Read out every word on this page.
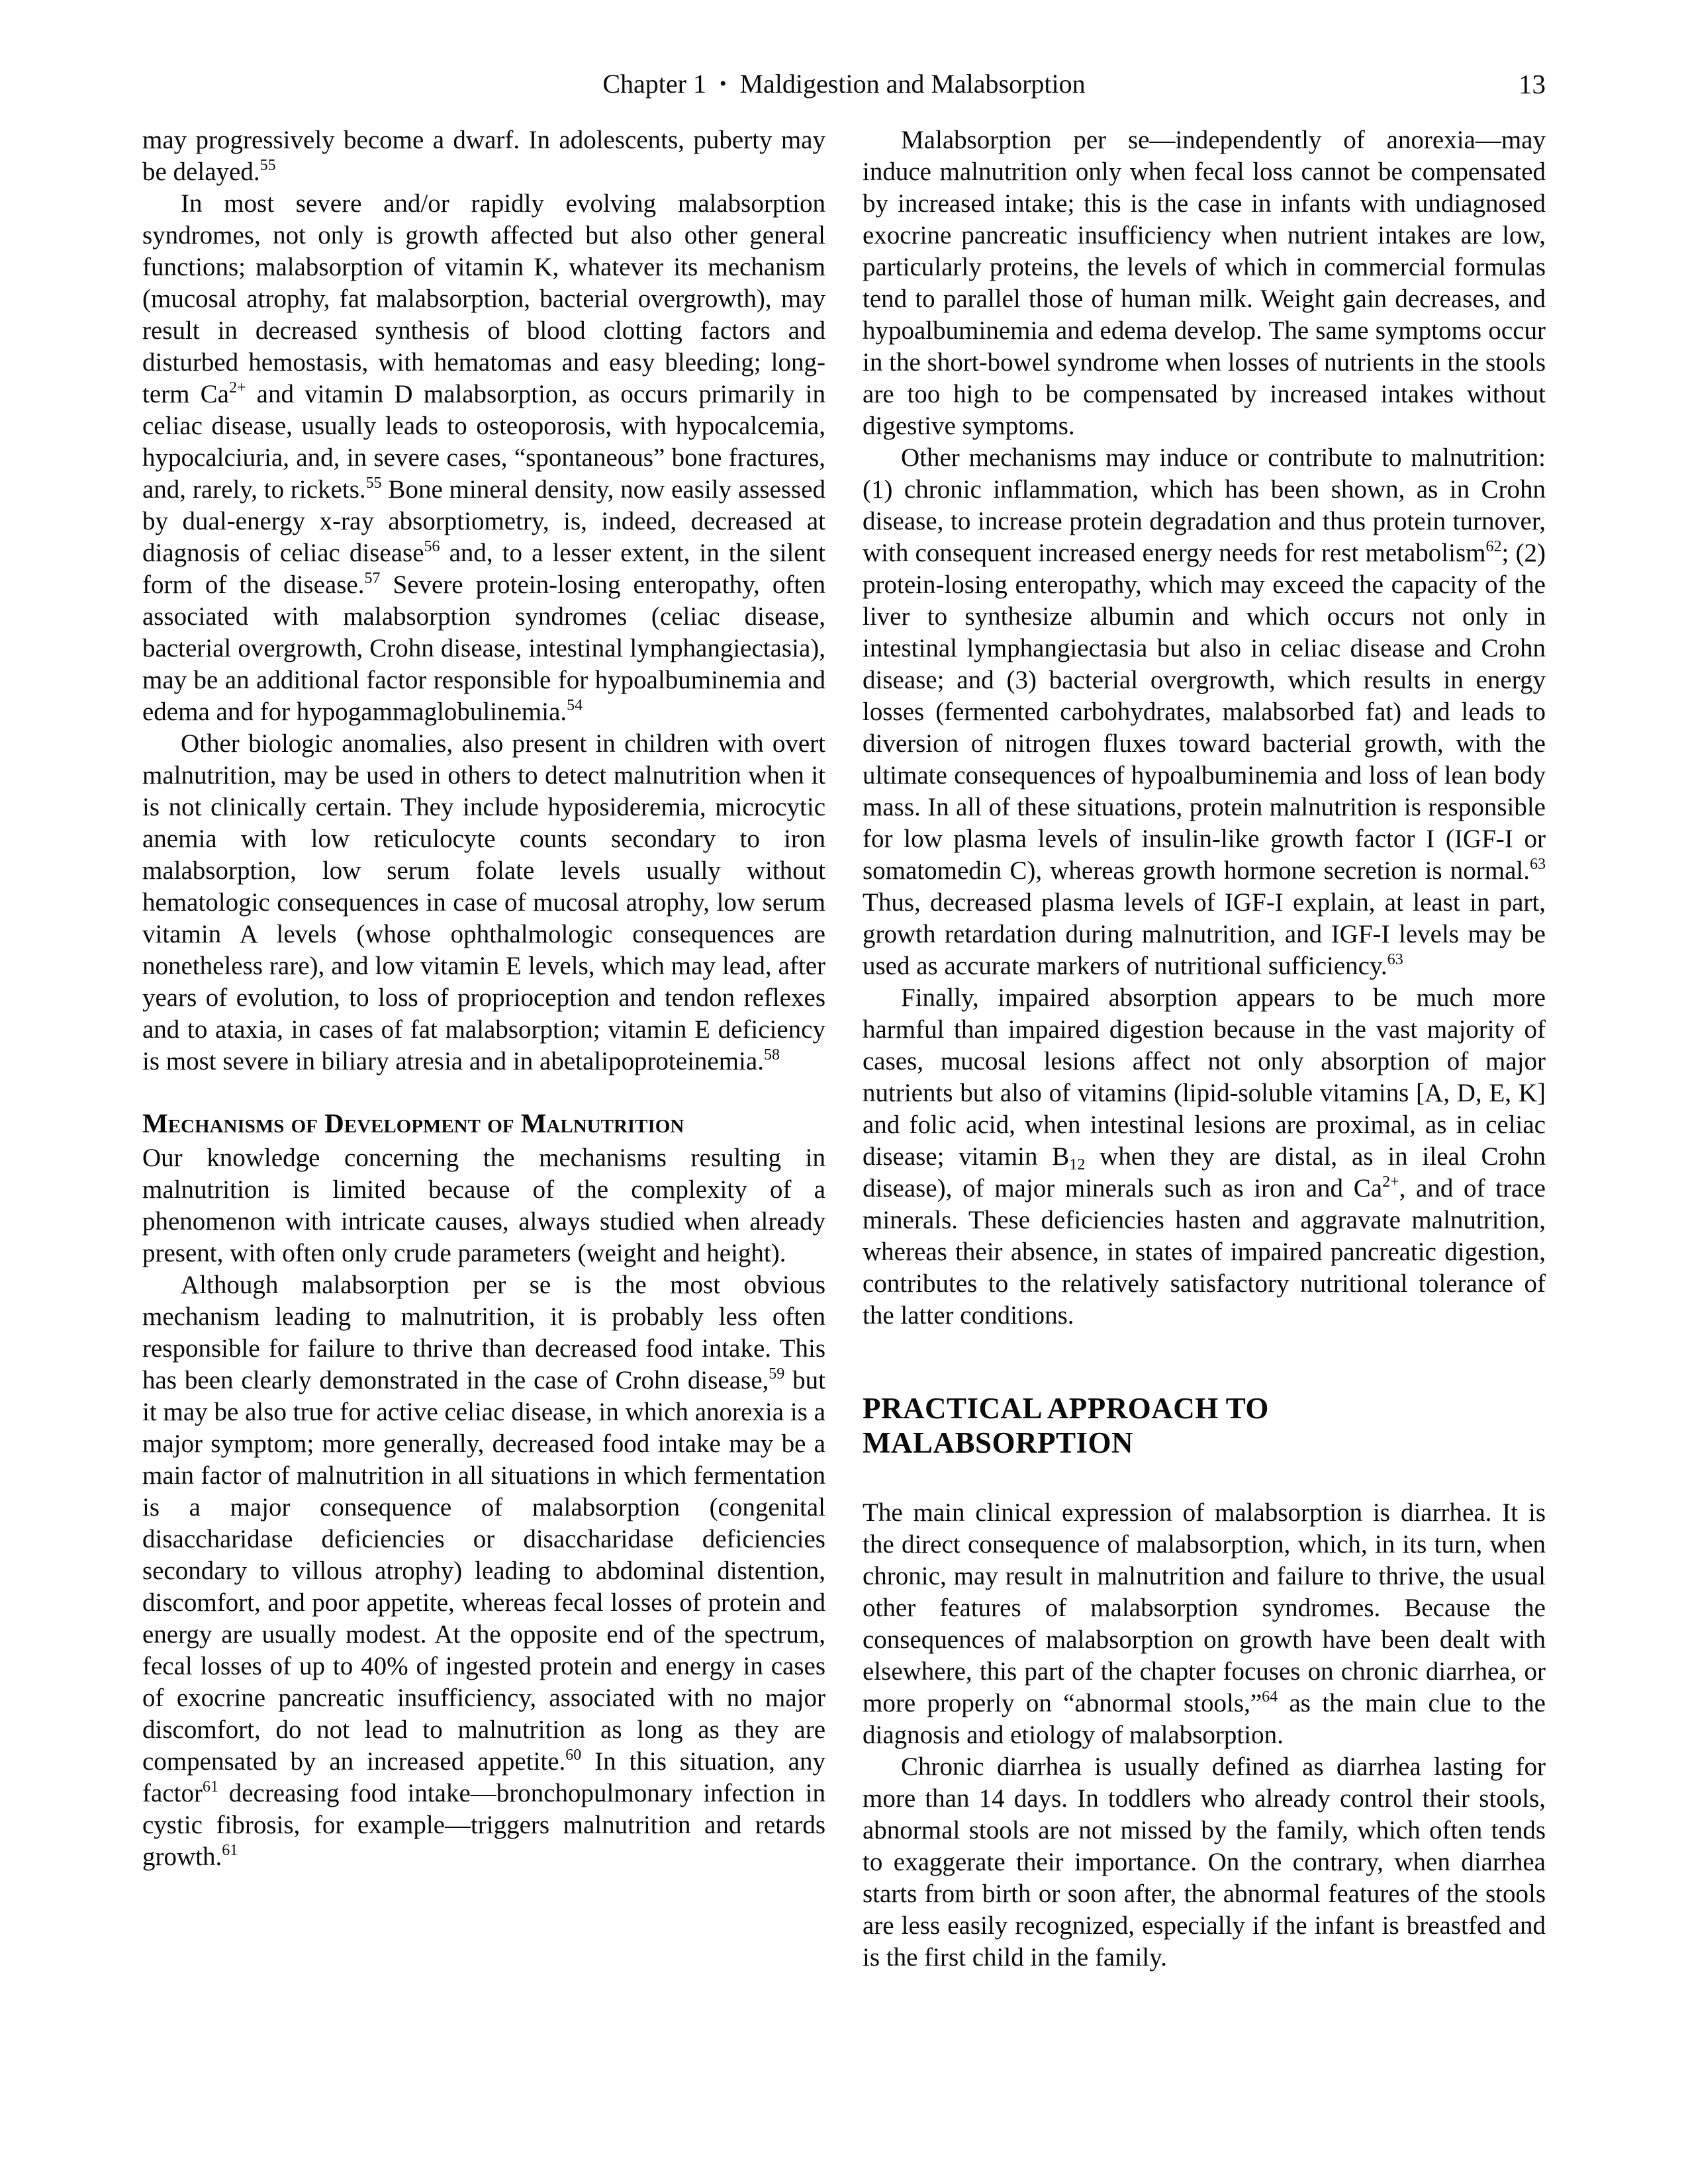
Chapter 1 • Maldigestion and Malabsorption	13

may progressively become a dwarf. In adolescents, puberty may be delayed.$^{55}$

In most severe and/or rapidly evolving malabsorption syndromes, not only is growth affected but also other general functions; malabsorption of vitamin K, whatever its mechanism (mucosal atrophy, fat malabsorption, bacterial overgrowth), may result in decreased synthesis of blood clotting factors and disturbed hemostasis, with hematomas and easy bleeding; long-term Ca$^{2+}$ and vitamin D malabsorption, as occurs primarily in celiac disease, usually leads to osteoporosis, with hypocalcemia, hypocalciuria, and, in severe cases, “spontaneous” bone fractures, and, rarely, to rickets.$^{55}$ Bone mineral density, now easily assessed by dual-energy x-ray absorptiometry, is, indeed, decreased at diagnosis of celiac disease$^{56}$ and, to a lesser extent, in the silent form of the disease.$^{57}$ Severe protein-losing enteropathy, often associated with malabsorption syndromes (celiac disease, bacterial overgrowth, Crohn disease, intestinal lymphangiectasia), may be an additional factor responsible for hypoalbuminemia and edema and for hypogammaglobulinemia.$^{54}$

Other biologic anomalies, also present in children with overt malnutrition, may be used in others to detect malnutrition when it is not clinically certain. They include hyposideremia, microcytic anemia with low reticulocyte counts secondary to iron malabsorption, low serum folate levels usually without hematologic consequences in case of mucosal atrophy, low serum vitamin A levels (whose ophthalmologic consequences are nonetheless rare), and low vitamin E levels, which may lead, after years of evolution, to loss of proprioception and tendon reflexes and to ataxia, in cases of fat malabsorption; vitamin E deficiency is most severe in biliary atresia and in abetalipoproteinemia.$^{58}$

Mechanisms of Development of Malnutrition

Our knowledge concerning the mechanisms resulting in malnutrition is limited because of the complexity of a phenomenon with intricate causes, always studied when already present, with often only crude parameters (weight and height).

Although malabsorption per se is the most obvious mechanism leading to malnutrition, it is probably less often responsible for failure to thrive than decreased food intake. This has been clearly demonstrated in the case of Crohn disease,$^{59}$ but it may be also true for active celiac disease, in which anorexia is a major symptom; more generally, decreased food intake may be a main factor of malnutrition in all situations in which fermentation is a major consequence of malabsorption (congenital disaccharidase deficiencies or disaccharidase deficiencies secondary to villous atrophy) leading to abdominal distention, discomfort, and poor appetite, whereas fecal losses of protein and energy are usually modest. At the opposite end of the spectrum, fecal losses of up to 40% of ingested protein and energy in cases of exocrine pancreatic insufficiency, associated with no major discomfort, do not lead to malnutrition as long as they are compensated by an increased appetite.$^{60}$ In this situation, any factor$^{61}$ decreasing food intake—bronchopulmonary infection in cystic fibrosis, for example—triggers malnutrition and retards growth.$^{61}$

Malabsorption per se—independently of anorexia—may induce malnutrition only when fecal loss cannot be compensated by increased intake; this is the case in infants with undiagnosed exocrine pancreatic insufficiency when nutrient intakes are low, particularly proteins, the levels of which in commercial formulas tend to parallel those of human milk. Weight gain decreases, and hypoalbuminemia and edema develop. The same symptoms occur in the short-bowel syndrome when losses of nutrients in the stools are too high to be compensated by increased intakes without digestive symptoms.

Other mechanisms may induce or contribute to malnutrition: (1) chronic inflammation, which has been shown, as in Crohn disease, to increase protein degradation and thus protein turnover, with consequent increased energy needs for rest metabolism$^{62}$; (2) protein-losing enteropathy, which may exceed the capacity of the liver to synthesize albumin and which occurs not only in intestinal lymphangiectasia but also in celiac disease and Crohn disease; and (3) bacterial overgrowth, which results in energy losses (fermented carbohydrates, malabsorbed fat) and leads to diversion of nitrogen fluxes toward bacterial growth, with the ultimate consequences of hypoalbuminemia and loss of lean body mass. In all of these situations, protein malnutrition is responsible for low plasma levels of insulin-like growth factor I (IGF-I or somatomedin C), whereas growth hormone secretion is normal.$^{63}$ Thus, decreased plasma levels of IGF-I explain, at least in part, growth retardation during malnutrition, and IGF-I levels may be used as accurate markers of nutritional sufficiency.$^{63}$

Finally, impaired absorption appears to be much more harmful than impaired digestion because in the vast majority of cases, mucosal lesions affect not only absorption of major nutrients but also of vitamins (lipid-soluble vitamins [A, D, E, K] and folic acid, when intestinal lesions are proximal, as in celiac disease; vitamin $B_{12}$ when they are distal, as in ileal Crohn disease), of major minerals such as iron and Ca$^{2+}$, and of trace minerals. These deficiencies hasten and aggravate malnutrition, whereas their absence, in states of impaired pancreatic digestion, contributes to the relatively satisfactory nutritional tolerance of the latter conditions.

PRACTICAL APPROACH TO MALABSORPTION

The main clinical expression of malabsorption is diarrhea. It is the direct consequence of malabsorption, which, in its turn, when chronic, may result in malnutrition and failure to thrive, the usual other features of malabsorption syndromes. Because the consequences of malabsorption on growth have been dealt with elsewhere, this part of the chapter focuses on chronic diarrhea, or more properly on “abnormal stools,”$^{64}$ as the main clue to the diagnosis and etiology of malabsorption.

Chronic diarrhea is usually defined as diarrhea lasting for more than 14 days. In toddlers who already control their stools, abnormal stools are not missed by the family, which often tends to exaggerate their importance. On the contrary, when diarrhea starts from birth or soon after, the abnormal features of the stools are less easily recognized, especially if the infant is breastfed and is the first child in the family.
